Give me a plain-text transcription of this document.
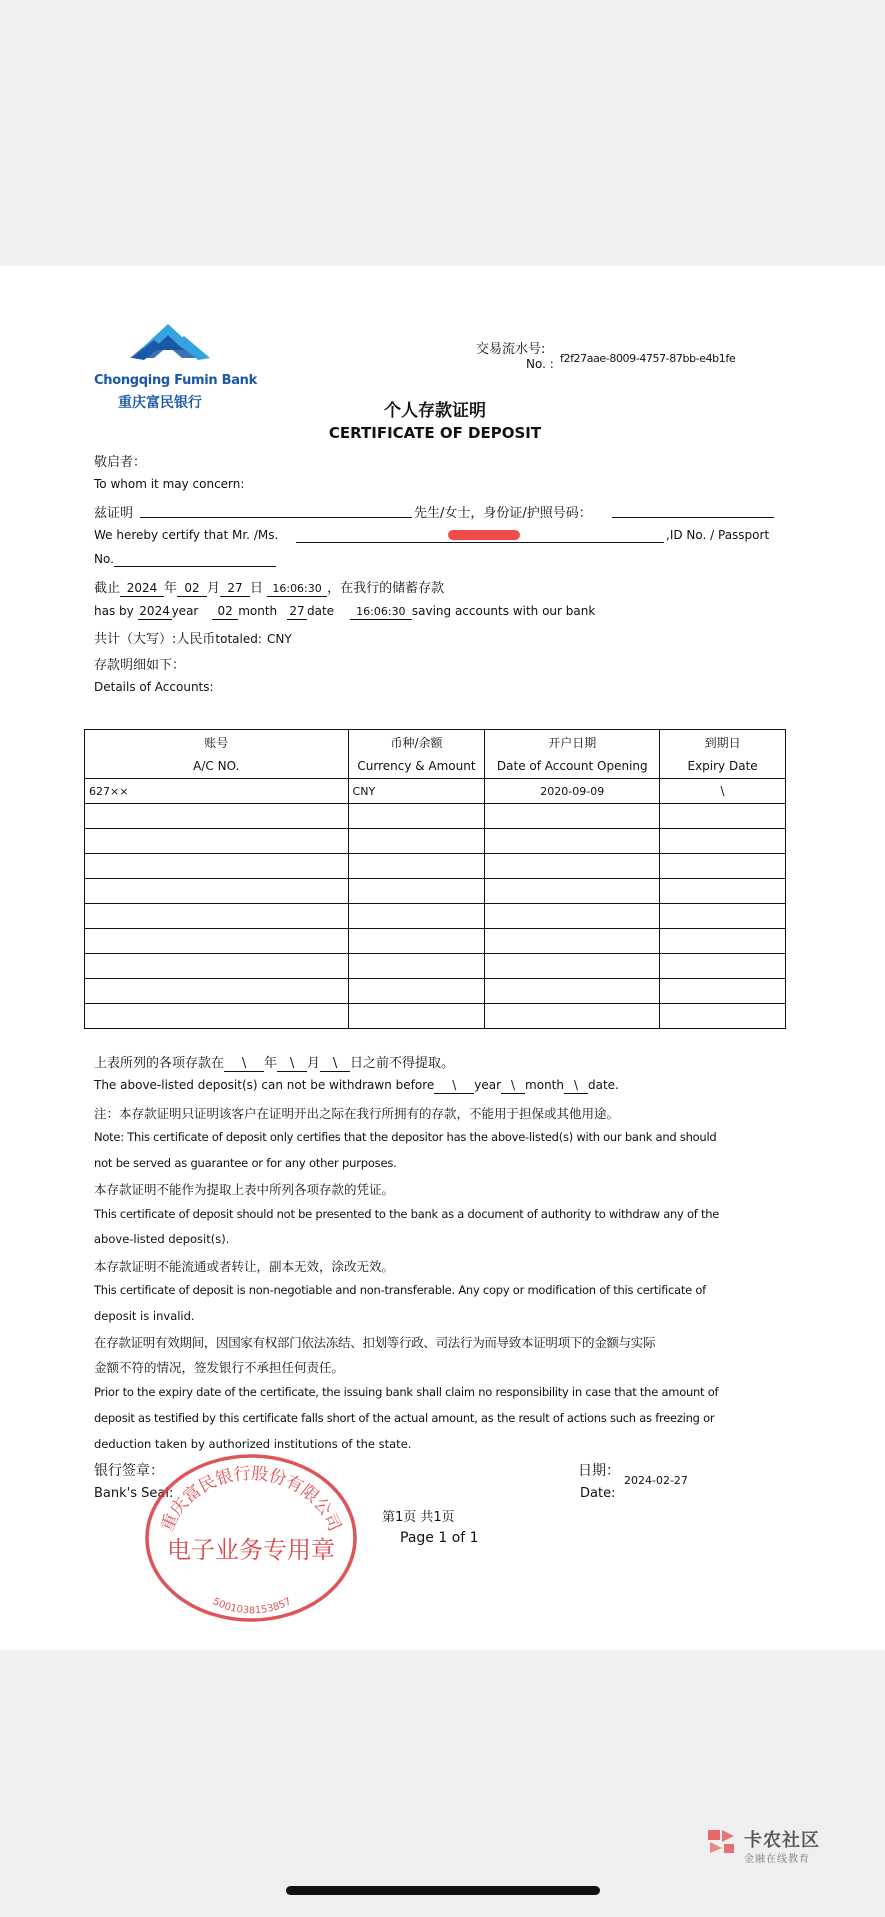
Chongqing Fumin Bank
重庆富民银行
交易流水号:
No. : f2f27aae-8009-4757-87bb-e4b1fe
个人存款证明
CERTIFICATE OF DEPOSIT
敬启者：
To whom it may concern:
兹证明	先生/女士，身份证/护照号码：
We hereby certify that Mr. /Ms.	,ID No. / Passport
No.
截止 2024 年 02 月 27 日 16:06:30 ，在我行的储蓄存款
has by 2024 year 02 month 27 date 16:06:30 saving accounts with our bank
共计（大写）:人民币totaled: CNY
存款明细如下：
Details of Accounts:
账号	币种/余额	开户日期	到期日
A/C NO.	Currency & Amount	Date of Account Opening	Expiry Date
627××	CNY	2020-09-09	\

上表所列的各项存款在 \ 年 \ 月 \ 日之前不得提取。
The above-listed deposit(s) can not be withdrawn before \ year \ month \ date.
注：本存款证明只证明该客户在证明开出之际在我行所拥有的存款，不能用于担保或其他用途。
Note: This certificate of deposit only certifies that the depositor has the above-listed(s) with our bank and should
not be served as guarantee or for any other purposes.
本存款证明不能作为提取上表中所列各项存款的凭证。
This certificate of deposit should not be presented to the bank as a document of authority to withdraw any of the
above-listed deposit(s).
本存款证明不能流通或者转让，副本无效，涂改无效。
This certificate of deposit is non-negotiable and non-transferable. Any copy or modification of this certificate of
deposit is invalid.
在存款证明有效期间，因国家有权部门依法冻结、扣划等行政、司法行为而导致本证明项下的金额与实际
金额不符的情况，签发银行不承担任何责任。
Prior to the expiry date of the certificate, the issuing bank shall claim no responsibility in case that the amount of
deposit as testified by this certificate falls short of the actual amount, as the result of actions such as freezing or
deduction taken by authorized institutions of the state.
银行签章：
Bank's Seal:
日期：
Date:
2024-02-27
第1页 共1页
Page 1 of 1
重庆富民银行股份有限公司
电子业务专用章
5001038153857
卡农社区
金融在线教育
